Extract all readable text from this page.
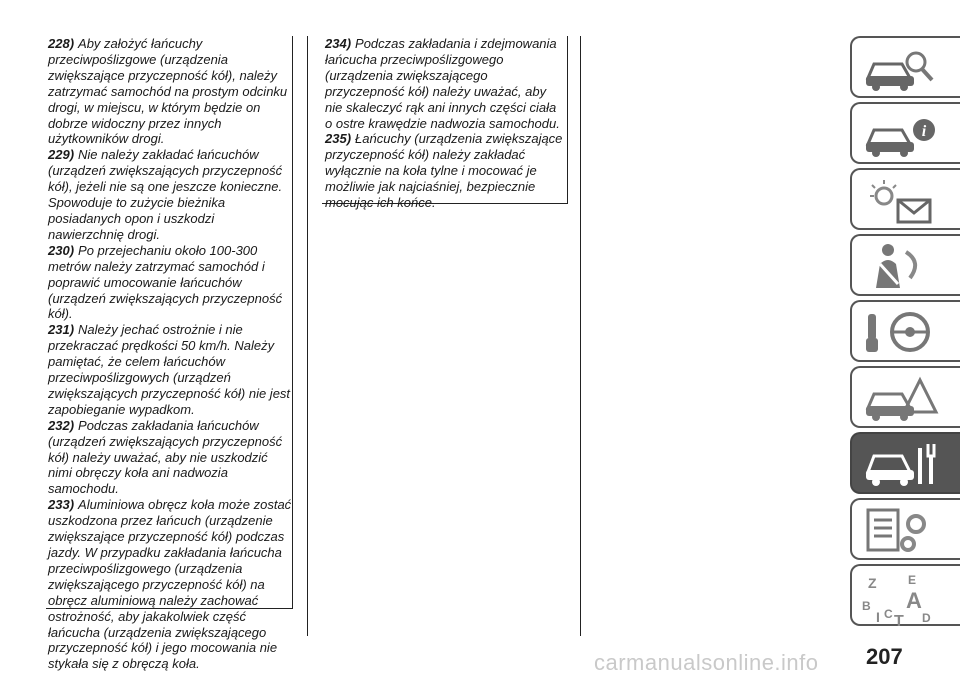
228) Aby założyć łańcuchy przeciwpoślizgowe (urządzenia zwiększające przyczepność kół), należy zatrzymać samochód na prostym odcinku drogi, w miejscu, w którym będzie on dobrze widoczny przez innych użytkowników drogi.

229) Nie należy zakładać łańcuchów (urządzeń zwiększających przyczepność kół), jeżeli nie są one jeszcze konieczne. Spowoduje to zużycie bieżnika posiadanych opon i uszkodzi nawierzchnię drogi.

230) Po przejechaniu około 100-300 metrów należy zatrzymać samochód i poprawić umocowanie łańcuchów (urządzeń zwiększających przyczepność kół).

231) Należy jechać ostrożnie i nie przekraczać prędkości 50 km/h. Należy pamiętać, że celem łańcuchów przeciwpoślizgowych (urządzeń zwiększających przyczepność kół) nie jest zapobieganie wypadkom.

232) Podczas zakładania łańcuchów (urządzeń zwiększających przyczepność kół) należy uważać, aby nie uszkodzić nimi obręczy koła ani nadwozia samochodu.

233) Aluminiowa obręcz koła może zostać uszkodzona przez łańcuch (urządzenie zwiększające przyczepność kół) podczas jazdy. W przypadku zakładania łańcucha przeciwpoślizgowego (urządzenia zwiększającego przyczepność kół) na obręcz aluminiową należy zachować ostrożność, aby jakakolwiek część łańcucha (urządzenia zwiększającego przyczepność kół) i jego mocowania nie stykała się z obręczą koła.

234) Podczas zakładania i zdejmowania łańcucha przeciwpoślizgowego (urządzenia zwiększającego przyczepność kół) należy uważać, aby nie skaleczyć rąk ani innych części ciała o ostre krawędzie nadwozia samochodu.

235) Łańcuchy (urządzenia zwiększające przyczepność kół) należy zakładać wyłącznie na koła tylne i mocować je możliwie jak najciaśniej, bezpiecznie mocując ich końce.

i
Z	E
B A
I C T D
207
carmanualsonline.info
